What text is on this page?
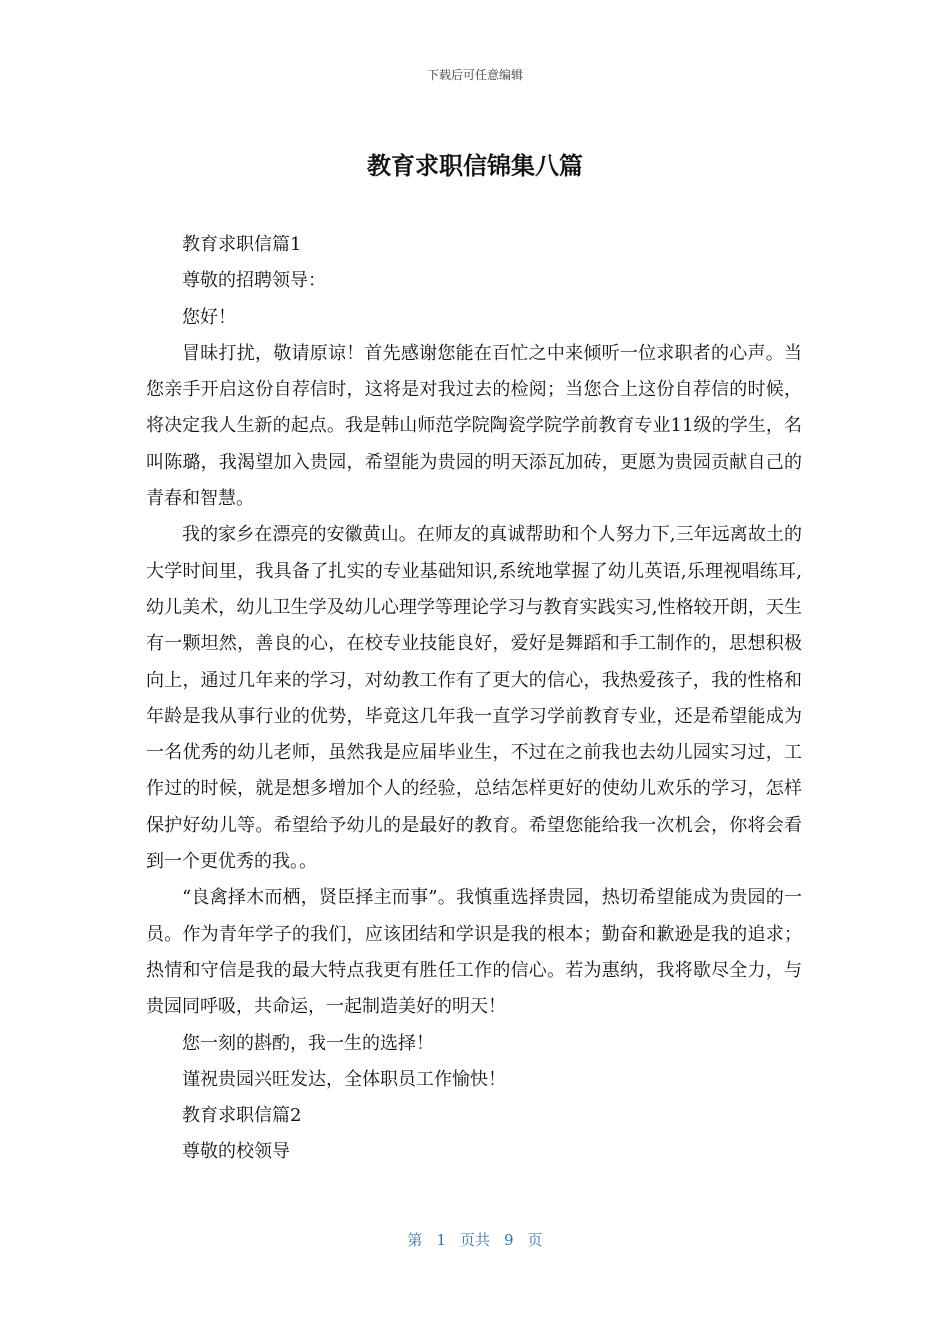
下载后可任意编辑
教育求职信锦集八篇

教育求职信篇1

尊敬的招聘领导：

您好！

冒昧打扰，敬请原谅！首先感谢您能在百忙之中来倾听一位求职者的心声。当您亲手开启这份自荐信时，这将是对我过去的检阅；当您合上这份自荐信的时候，将决定我人生新的起点。我是韩山师范学院陶瓷学院学前教育专业11级的学生，名叫陈璐，我渴望加入贵园，希望能为贵园的明天添瓦加砖，更愿为贵园贡献自己的青春和智慧。

我的家乡在漂亮的安徽黄山。在师友的真诚帮助和个人努力下,三年远离故土的大学时间里，我具备了扎实的专业基础知识,系统地掌握了幼儿英语,乐理视唱练耳,幼儿美术，幼儿卫生学及幼儿心理学等理论学习与教育实践实习,性格较开朗，天生有一颗坦然，善良的心，在校专业技能良好，爱好是舞蹈和手工制作的，思想积极向上，通过几年来的学习，对幼教工作有了更大的信心，我热爱孩子，我的性格和年龄是我从事行业的优势，毕竟这几年我一直学习学前教育专业，还是希望能成为一名优秀的幼儿老师，虽然我是应届毕业生，不过在之前我也去幼儿园实习过，工作过的时候，就是想多增加个人的经验，总结怎样更好的使幼儿欢乐的学习，怎样保护好幼儿等。希望给予幼儿的是最好的教育。希望您能给我一次机会，你将会看到一个更优秀的我。。

“良禽择木而栖，贤臣择主而事”。我慎重选择贵园，热切希望能成为贵园的一员。作为青年学子的我们，应该团结和学识是我的根本；勤奋和歉逊是我的追求；热情和守信是我的最大特点我更有胜任工作的信心。若为惠纳，我将歇尽全力，与贵园同呼吸，共命运，一起制造美好的明天！

您一刻的斟酌，我一生的选择！

谨祝贵园兴旺发达，全体职员工作愉快！

教育求职信篇2

尊敬的校领导

第 1 页共 9 页
